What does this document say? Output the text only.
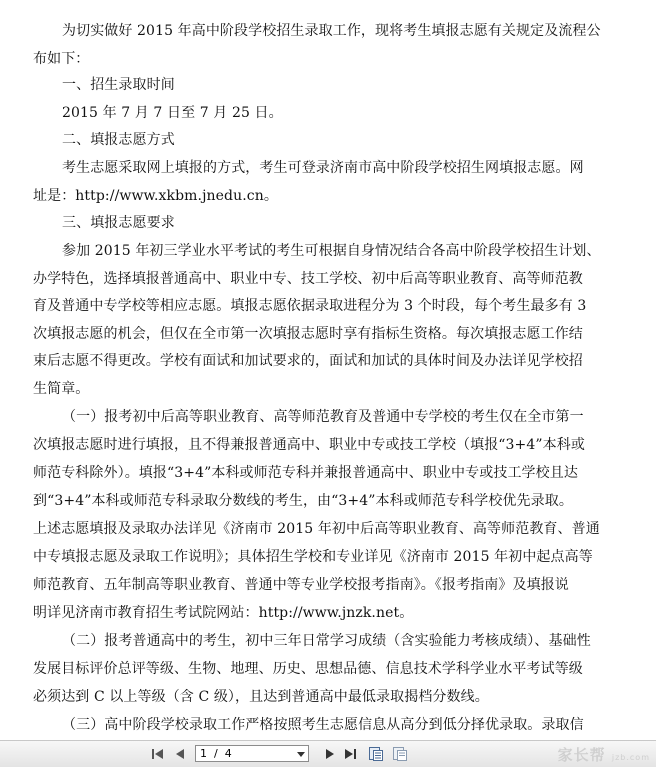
为切实做好 2015 年高中阶段学校招生录取工作，现将考生填报志愿有关规定及流程公
布如下：
一、招生录取时间
2015 年 7 月 7 日至 7 月 25 日。
二、填报志愿方式
考生志愿采取网上填报的方式，考生可登录济南市高中阶段学校招生网填报志愿。网
址是：http://www.xkbm.jnedu.cn。
三、填报志愿要求
参加 2015 年初三学业水平考试的考生可根据自身情况结合各高中阶段学校招生计划、
办学特色，选择填报普通高中、职业中专、技工学校、初中后高等职业教育、高等师范教
育及普通中专学校等相应志愿。填报志愿依据录取进程分为 3 个时段，每个考生最多有 3
次填报志愿的机会，但仅在全市第一次填报志愿时享有指标生资格。每次填报志愿工作结
束后志愿不得更改。学校有面试和加试要求的，面试和加试的具体时间及办法详见学校招
生简章。
（一）报考初中后高等职业教育、高等师范教育及普通中专学校的考生仅在全市第一
次填报志愿时进行填报，且不得兼报普通高中、职业中专或技工学校（填报“3+4”本科或
师范专科除外）。填报“3+4”本科或师范专科并兼报普通高中、职业中专或技工学校且达
到“3+4”本科或师范专科录取分数线的考生，由“3+4”本科或师范专科学校优先录取。
上述志愿填报及录取办法详见《济南市 2015 年初中后高等职业教育、高等师范教育、普通
中专填报志愿及录取工作说明》；具体招生学校和专业详见《济南市 2015 年初中起点高等
师范教育、五年制高等职业教育、普通中等专业学校报考指南》。《报考指南》及填报说
明详见济南市教育招生考试院网站：http://www.jnzk.net。
（二）报考普通高中的考生，初中三年日常学习成绩（含实验能力考核成绩）、基础性
发展目标评价总评等级、生物、地理、历史、思想品德、信息技术学科学业水平考试等级
必须达到 C 以上等级（含 C 级），且达到普通高中最低录取揭档分数线。
（三）高中阶段学校录取工作严格按照考生志愿信息从高分到低分择优录取。录取信
1 / 4
家长帮 jzb.com
